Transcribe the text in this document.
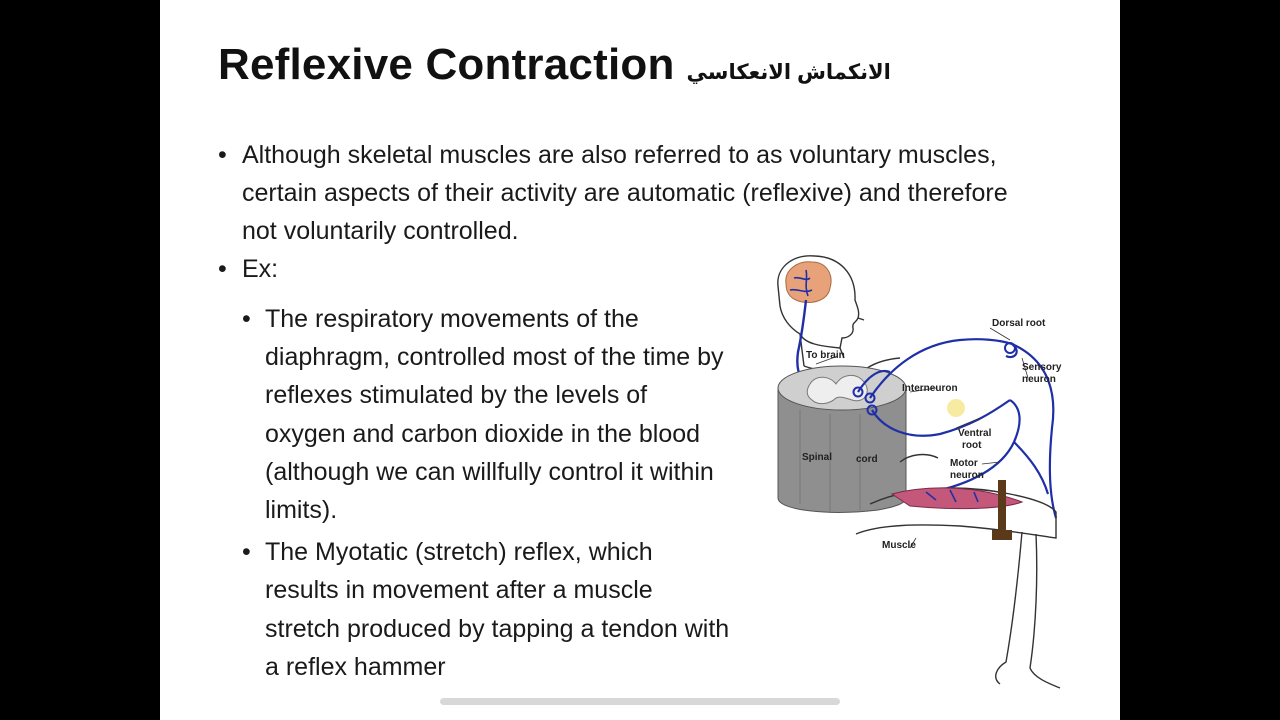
Reflexive Contraction الانكماش الانعكاسي
• Although skeletal muscles are also referred to as voluntary muscles, certain aspects of their activity are automatic (reflexive) and therefore not voluntarily controlled.
• Ex:
• The respiratory movements of the diaphragm, controlled most of the time by reflexes stimulated by the levels of oxygen and carbon dioxide in the blood (although we can willfully control it within limits).
• The Myotatic (stretch) reflex, which results in movement after a muscle stretch produced by tapping a tendon with a reflex hammer
Spinal cord
To brain
Dorsal root
Sensory
neuron
Interneuron
Ventral
root
Motor
neuron
Muscle
